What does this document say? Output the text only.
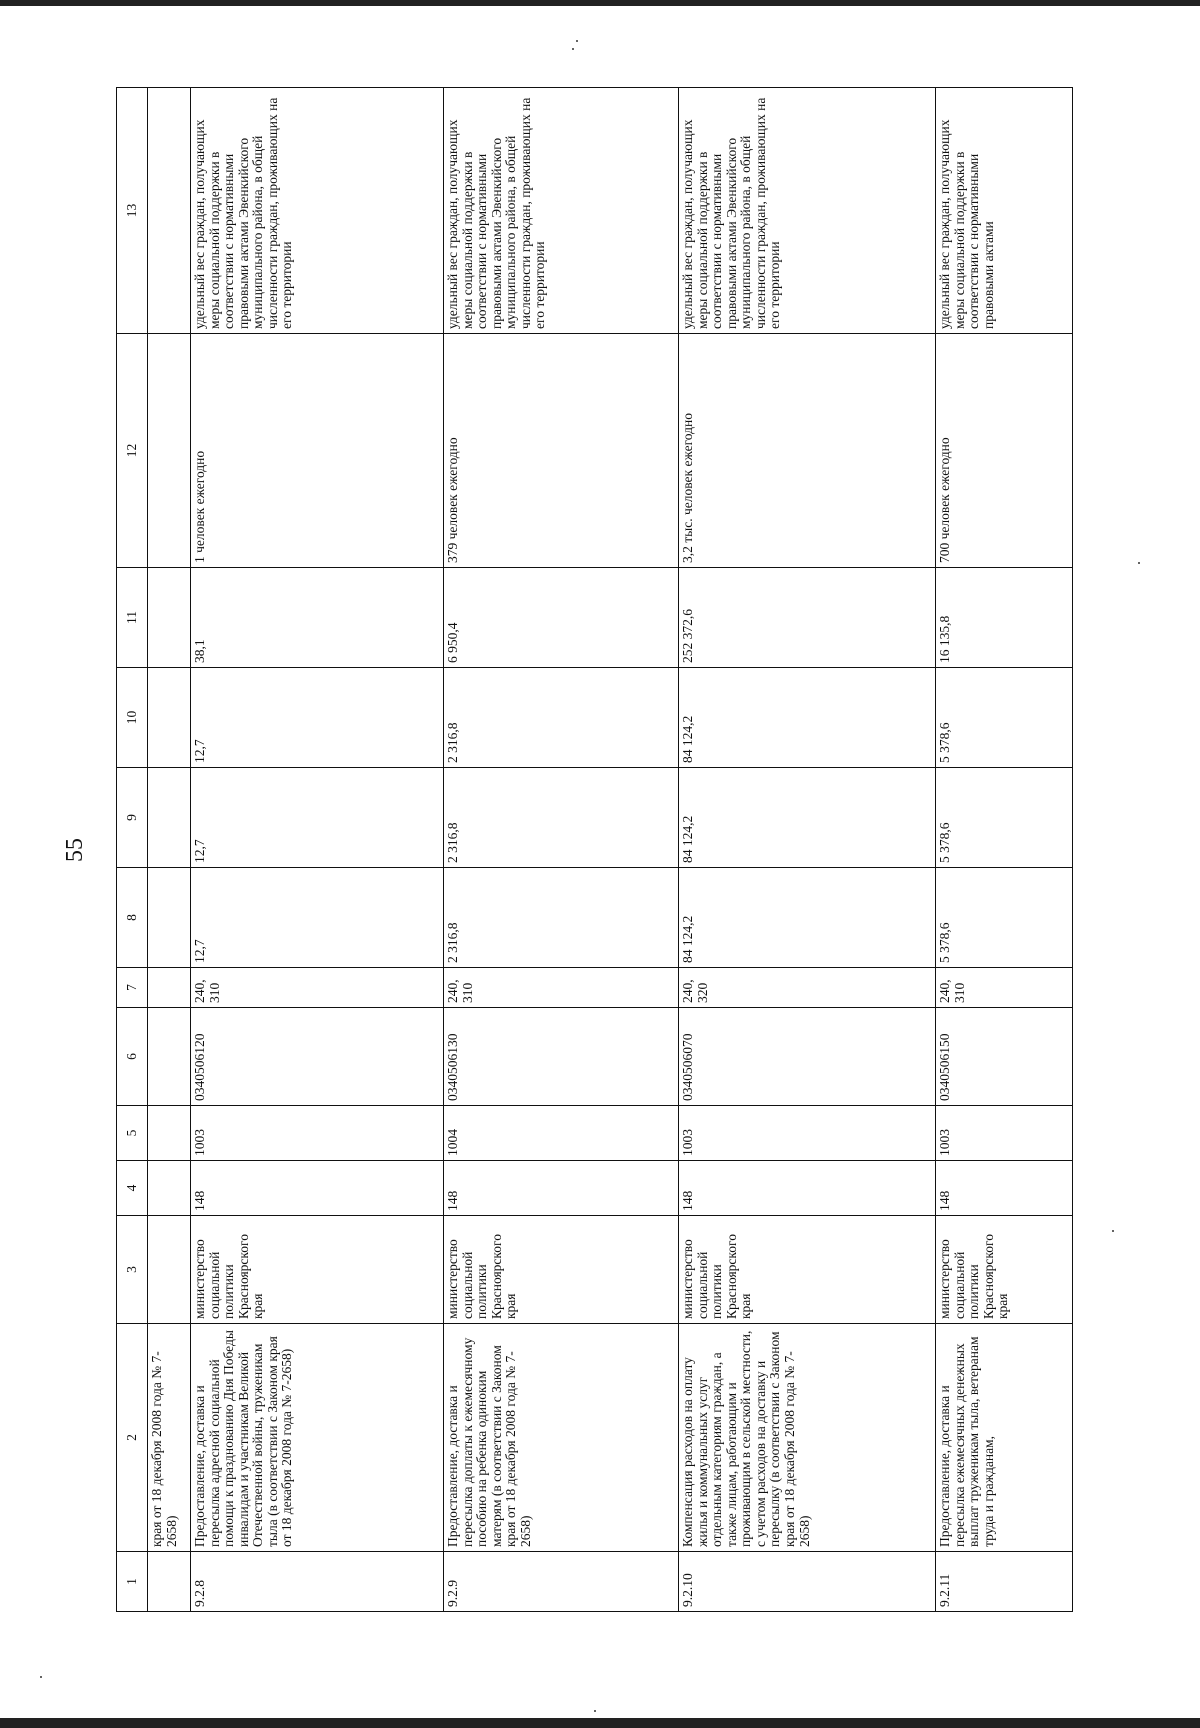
55
1	2	3	4	5	6	7	8	9	10	11	12	13
	края от 18 декабря 2008 года № 7-2658)											
9.2.8	Предоставление, доставка и пересылка адресной социальной помощи к празднованию Дня Победы инвалидам и участникам Великой Отечественной войны, труженикам тыла (в соответствии с Законом края от 18 декабря 2008 года № 7-2658)	министерство социальной политики Красноярского края	148	1003	0340506120	240, 310	12,7	12,7	12,7	38,1	1 человек ежегодно	удельный вес граждан, получающих меры социальной поддержки в соответствии с нормативными правовыми актами Эвенкийского муниципального района, в общей численности граждан, проживающих на его территории
9.2.9	Предоставление, доставка и пересылка доплаты к ежемесячному пособию на ребенка одиноким матерям (в соответствии с Законом края от 18 декабря 2008 года № 7-2658)	министерство социальной политики Красноярского края	148	1004	0340506130	240, 310	2 316,8	2 316,8	2 316,8	6 950,4	379 человек ежегодно	удельный вес граждан, получающих меры социальной поддержки в соответствии с нормативными правовыми актами Эвенкийского муниципального района, в общей численности граждан, проживающих на его территории
9.2.10	Компенсация расходов на оплату жилья и коммунальных услуг отдельным категориям граждан, а также лицам, работающим и проживающим в сельской местности, с учетом расходов на доставку и пересылку (в соответствии с Законом края от 18 декабря 2008 года № 7-2658)	министерство социальной политики Красноярского края	148	1003	0340506070	240, 320	84 124,2	84 124,2	84 124,2	252 372,6	3,2 тыс. человек ежегодно	удельный вес граждан, получающих меры социальной поддержки в соответствии с нормативными правовыми актами Эвенкийского муниципального района, в общей численности граждан, проживающих на его территории
9.2.11	Предоставление, доставка и пересылка ежемесячных денежных выплат труженикам тыла, ветеранам труда и гражданам,	министерство социальной политики Красноярского края	148	1003	0340506150	240, 310	5 378,6	5 378,6	5 378,6	16 135,8	700 человек ежегодно	удельный вес граждан, получающих меры социальной поддержки в соответствии с нормативными правовыми актами
